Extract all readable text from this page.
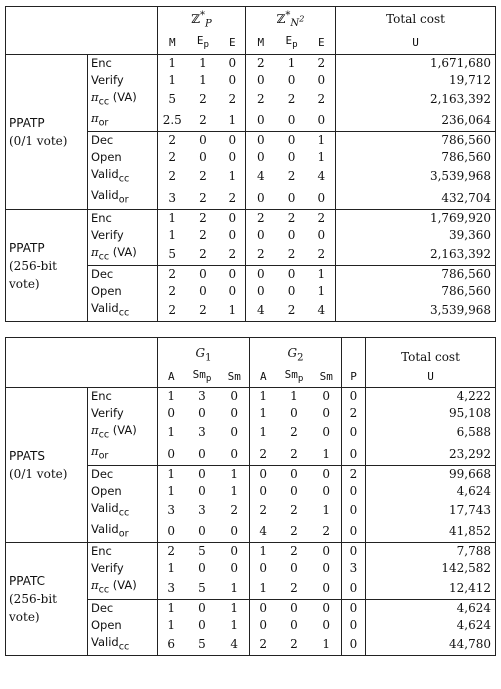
		ℤ*$_P$			ℤ*$_{N^2}$			Total cost
		M	$E_p$	E	M	$E_p$	E	U

PPATP
(0/1 vote)	Enc	1	1	0	2	1	2	1,671,680
	Verify	1	1	0	0	0	0	19,712
	$\pi_{cc}$ (VA)	5	2	2	2	2	2	2,163,392
	$\pi_{or}$	2.5	2	1	0	0	0	236,064
	Dec	2	0	0	0	0	1	786,560
	Open	2	0	0	0	0	1	786,560
	Valid$_{cc}$	2	2	1	4	2	4	3,539,968
	Valid$_{or}$	3	2	2	0	0	0	432,704

PPATP
(256-bit vote)	Enc	1	2	0	2	2	2	1,769,920
	Verify	1	2	0	0	0	0	39,360
	$\pi_{cc}$ (VA)	5	2	2	2	2	2	2,163,392
	Dec	2	0	0	0	0	1	786,560
	Open	2	0	0	0	0	1	786,560
	Valid$_{cc}$	2	2	1	4	2	4	3,539,968
		$G_1$			$G_2$				Total cost
		A	$Sm_p$	Sm	A	$Sm_p$	Sm	P	U

PPATS
(0/1 vote)	Enc	1	3	0	1	1	0	0	4,222
	Verify	0	0	0	1	0	0	2	95,108
	$\pi_{cc}$ (VA)	1	3	0	1	2	0	0	6,588
	$\pi_{or}$	0	0	0	2	2	1	0	23,292
	Dec	1	0	1	0	0	0	2	99,668
	Open	1	0	1	0	0	0	0	4,624
	Valid$_{cc}$	3	3	2	2	2	1	0	17,743
	Valid$_{or}$	0	0	0	4	2	2	0	41,852

PPATC
(256-bit vote)	Enc	2	5	0	1	2	0	0	7,788
	Verify	1	0	0	0	0	0	3	142,582
	$\pi_{cc}$ (VA)	3	5	1	1	2	0	0	12,412
	Dec	1	0	1	0	0	0	0	4,624
	Open	1	0	1	0	0	0	0	4,624
	Valid$_{cc}$	6	5	4	2	2	1	0	44,780
